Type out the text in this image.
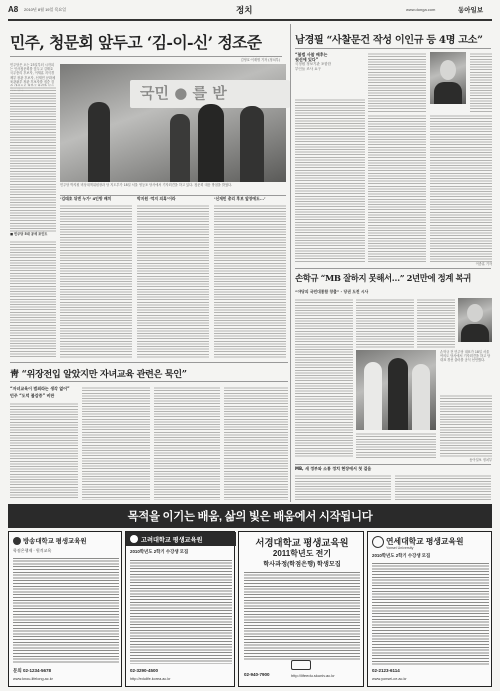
A8 2010년 8월 19일 목요일	정치	www.donga.com	동아일보
민주, 청문회 앞두고 ‘김-이-신’ 정조준
김영호·이재명 기자 (정치부)
민주당은 오는 23일부터 시작되는 인사청문회를 앞두고 김태호 국무총리 후보자, 이재훈 지식경제부 장관 후보자, 신재민 문화체육관광부 장관 후보자를 집중 검
■ 민주당 5대 공세 포인트
국민 ● 를 받
민주당 박지원 비상대책위원장과 당 지도부가 18일 서울 영등포 당사에서 기자회견을 하고 있다. 청문회 대응 방침을 밝혔다.
‘김태호 뒤엔 누가’ 4인방 배치	박지원 ‘억지 의혹’이라	‘신재민 총리 후보 앞장에도...’
남경필 “사찰문건 작성 이인규 등 4명 고소”
“불법 사찰 배후는
윗선에 있다”
국정원 정보기관 포함한
부인들 조사 요구
이종훈 기자
손학규 “MB 잘하지 못해서…” 2년만에 정계 복귀
“야당의 국민대통합 창출” - 당권 도전 시사
손학규 전 민주당 대표가 18일 서울 여의도 당사에서 기자회견을 하고 당 대표 경선 출마를 공식 선언했다.
동아일보 정치부
MB, 새 정부와 소통 정치 현장에서 첫 걸음
靑 “위장전입 알았지만 자녀교육 관련은 묵인”
“자녀교육이 범죄라는 생각 없어”
민주 “도덕 불감증” 비판
목적을 이기는 배움, 삶의 빛은 배움에서 시작됩니다
방송대학교 평생교육원
학점은행제 · 원격교육
문의 02-1234-5678
www.knou-lifelong.ac.kr
고려대학교 평생교육원
2010학년도 2학기 수강생 모집
02-3290-4500
http://edulife.korea.ac.kr
서경대학교 평생교육원
2011학년도 전기
학사과정(학점은행) 학생모집
02-940-7900	http://lifeedu.skuniv.ac.kr
연세대학교 평생교육원
Yonsei University
2010학년도 2학기 수강생 모집
02-2123-6114
www.yonsei-ce.ac.kr
